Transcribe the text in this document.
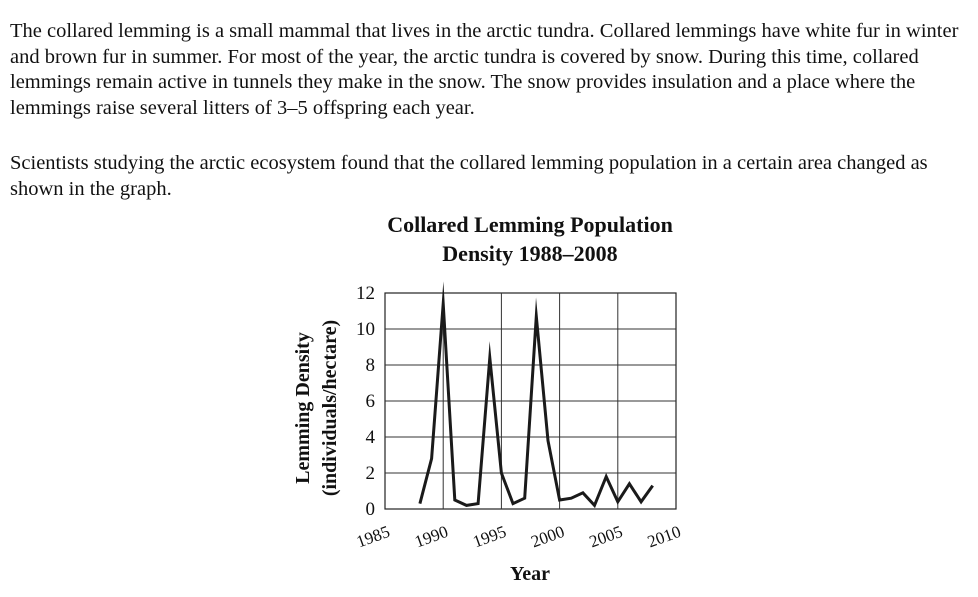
The collared lemming is a small mammal that lives in the arctic tundra. Collared lemmings have white fur in winter and brown fur in summer. For most of the year, the arctic tundra is covered by snow. During this time, collared lemmings remain active in tunnels they make in the snow. The snow provides insulation and a place where the lemmings raise several litters of 3–5 offspring each year.

Scientists studying the arctic ecosystem found that the collared lemming population in a certain area changed as shown in the graph.

Collared Lemming Population
Density 1988–2008
0
2
4
6
8
10
12
1985 1990 1995 2000 2005 2010
Year
Lemming Density (individuals/hectare)
